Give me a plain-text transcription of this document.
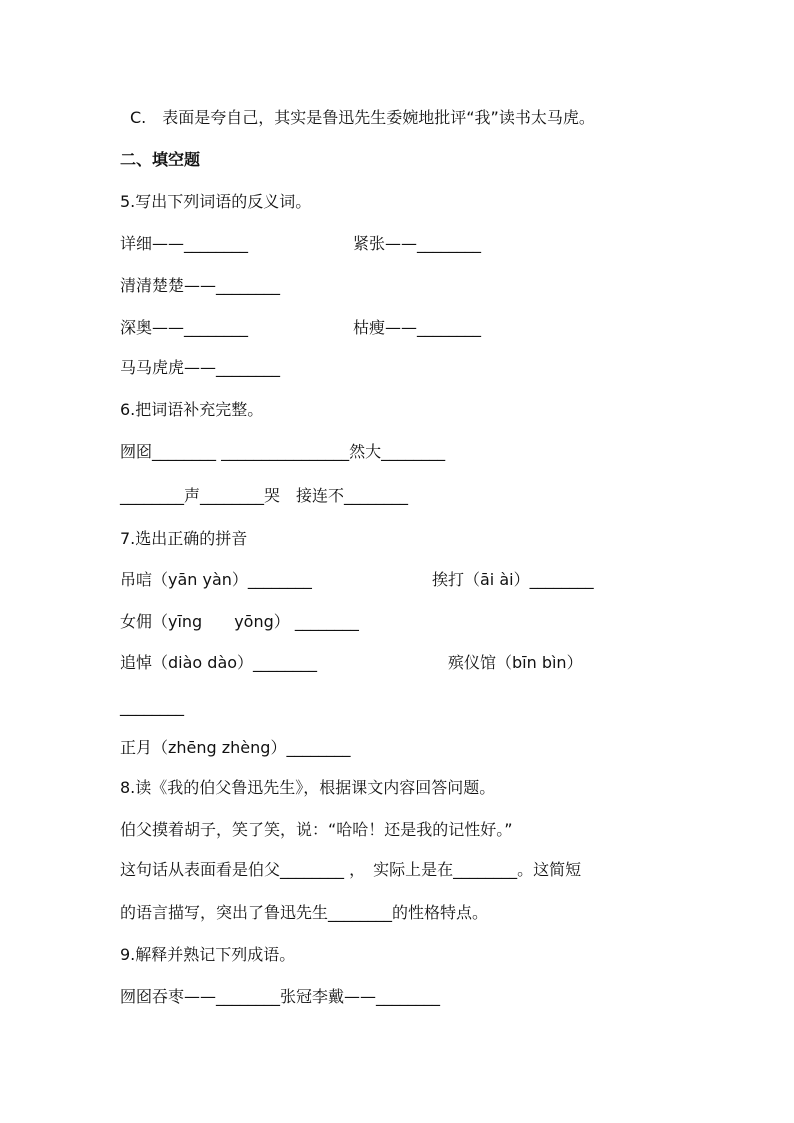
C.　表面是夸自己，其实是鲁迅先生委婉地批评“我”读书太马虎。
二、填空题
5.写出下列词语的反义词。
详细——________	紧张——________
清清楚楚——________
深奥——________	枯瘦——________
马马虎虎——________
6.把词语补充完整。
囫囵________ ________________然大________
________声________哭　接连不________
7.选出正确的拼音
吊唁（yān yàn）________	挨打（āi ài）________
女佣（yīng　　yōng） ________
追悼（diào dào）________	殡仪馆（bīn bìn）
________
正月（zhēng zhèng）________
8.读《我的伯父鲁迅先生》，根据课文内容回答问题。
伯父摸着胡子，笑了笑，说：“哈哈！还是我的记性好。”
这句话从表面看是伯父________ ，　实际上是在________。这简短
的语言描写，突出了鲁迅先生________的性格特点。
9.解释并熟记下列成语。
囫囵吞枣——________张冠李戴——________
